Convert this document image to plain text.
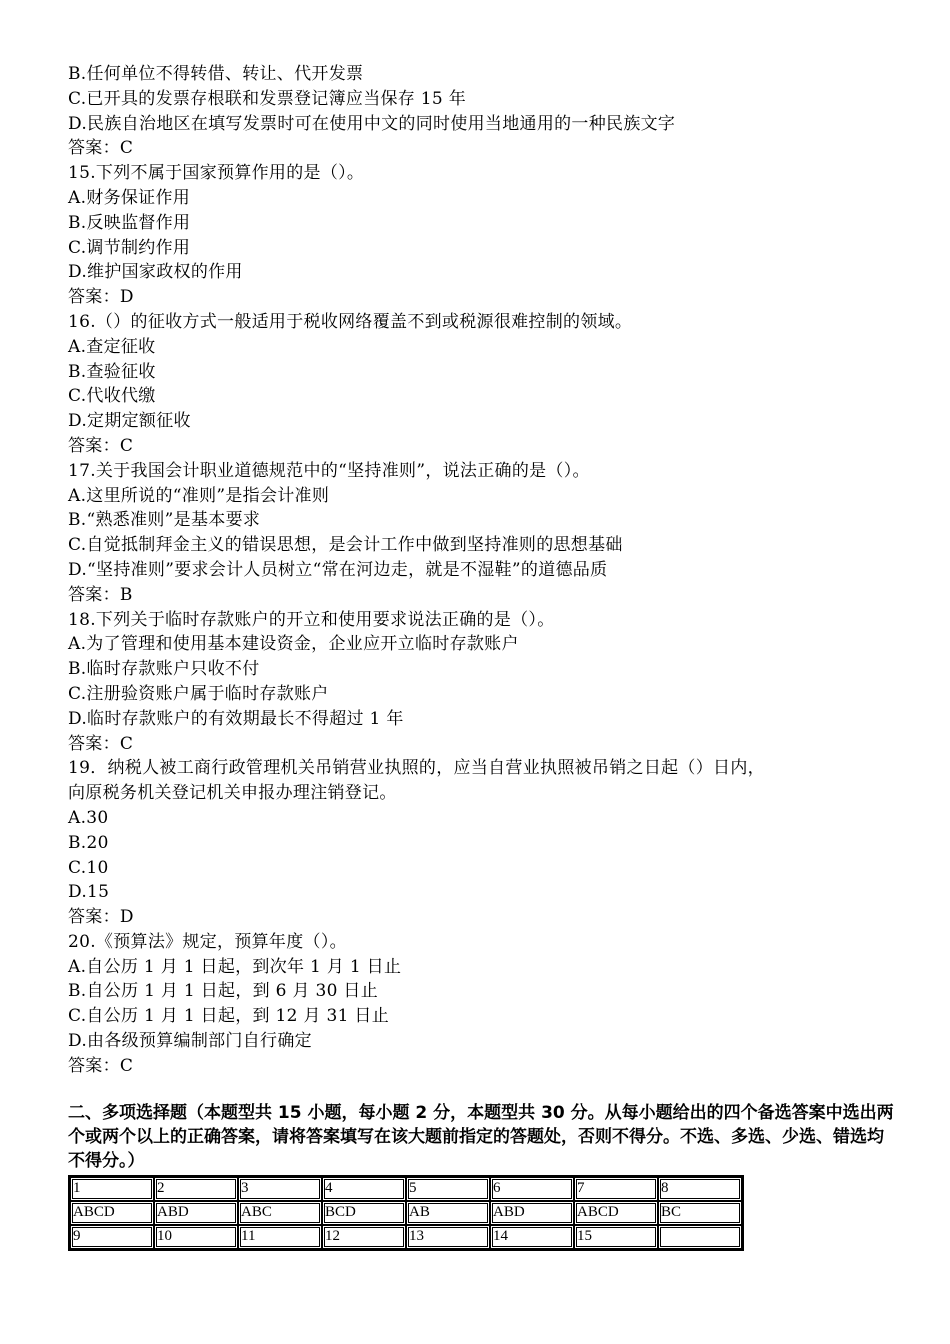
B.任何单位不得转借、转让、代开发票
C.已开具的发票存根联和发票登记簿应当保存 15 年
D.民族自治地区在填写发票时可在使用中文的同时使用当地通用的一种民族文字
答案：C
15.下列不属于国家预算作用的是（）。
A.财务保证作用
B.反映监督作用
C.调节制约作用
D.维护国家政权的作用
答案：D
16.（）的征收方式一般适用于税收网络覆盖不到或税源很难控制的领域。
A.查定征收
B.查验征收
C.代收代缴
D.定期定额征收
答案：C
17.关于我国会计职业道德规范中的“坚持准则”，说法正确的是（）。
A.这里所说的“准则”是指会计准则
B.“熟悉准则”是基本要求
C.自觉抵制拜金主义的错误思想，是会计工作中做到坚持准则的思想基础
D.“坚持准则”要求会计人员树立“常在河边走，就是不湿鞋”的道德品质
答案：B
18.下列关于临时存款账户的开立和使用要求说法正确的是（）。
A.为了管理和使用基本建设资金，企业应开立临时存款账户
B.临时存款账户只收不付
C.注册验资账户属于临时存款账户
D.临时存款账户的有效期最长不得超过 1 年
答案：C
19．纳税人被工商行政管理机关吊销营业执照的，应当自营业执照被吊销之日起（）日内，
向原税务机关登记机关申报办理注销登记。
A.30
B.20
C.10
D.15
答案：D
20.《预算法》规定，预算年度（）。
A.自公历 1 月 1 日起，到次年 1 月 1 日止
B.自公历 1 月 1 日起，到 6 月 30 日止
C.自公历 1 月 1 日起，到 12 月 31 日止
D.由各级预算编制部门自行确定
答案：C
二、多项选择题（本题型共 15 小题，每小题 2 分，本题型共 30 分。从每小题给出的四个备选答案中选出两个或两个以上的正确答案，请将答案填写在该大题前指定的答题处，否则不得分。不选、多选、少选、错选均不得分。）
1	2	3	4	5	6	7	8
ABCD	ABD	ABC	BCD	AB	ABD	ABCD	BC
9	10	11	12	13	14	15	
